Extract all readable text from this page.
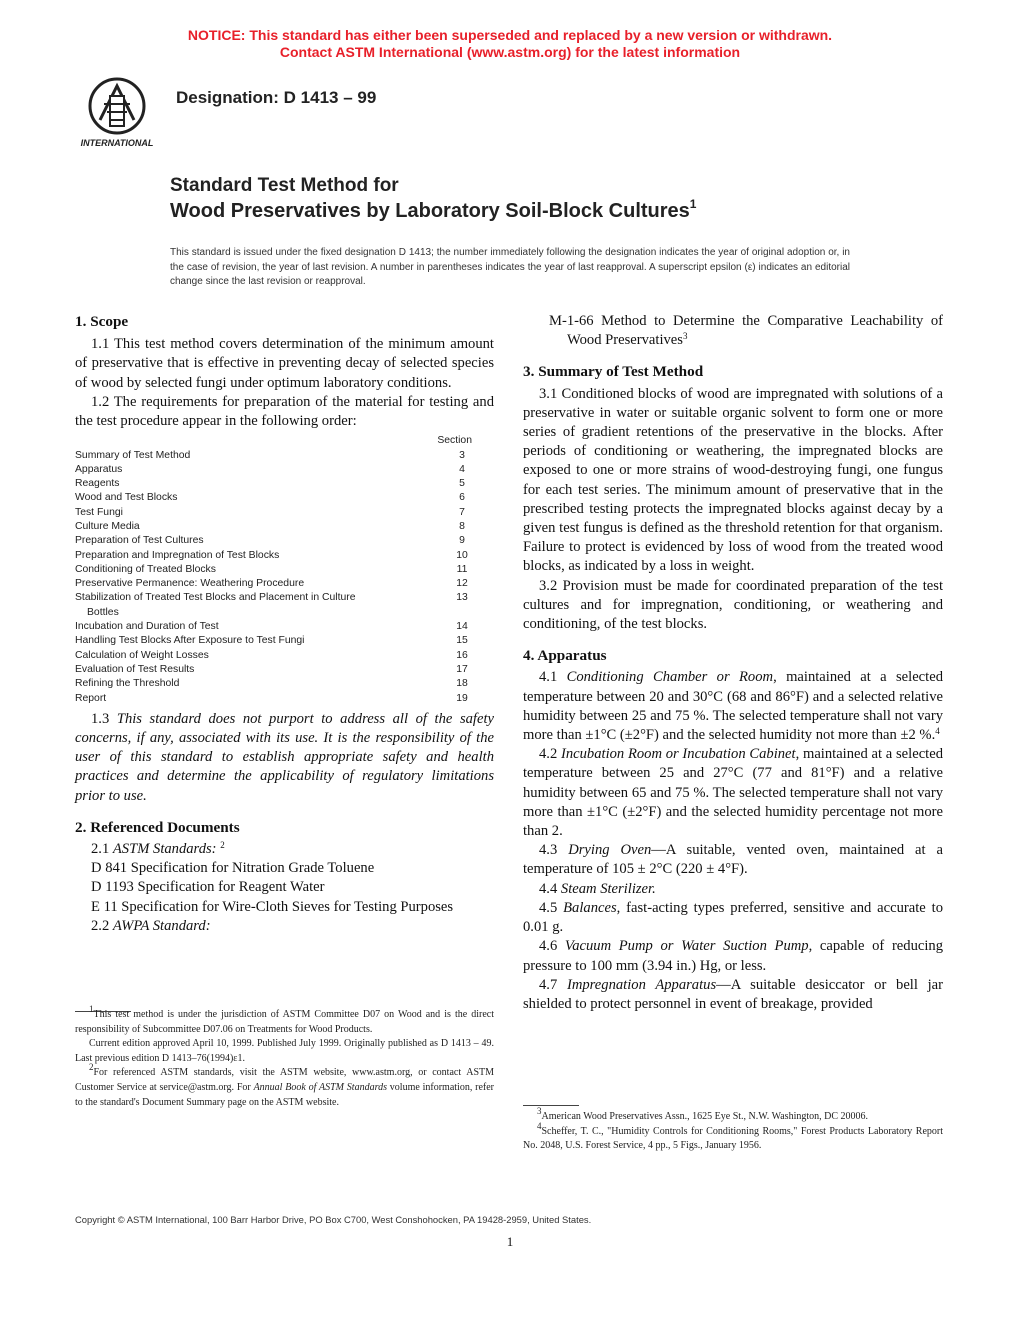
NOTICE: This standard has either been superseded and replaced by a new version or withdrawn.
Contact ASTM International (www.astm.org) for the latest information
INTERNATIONAL
Designation: D 1413 – 99
Standard Test Method for
Wood Preservatives by Laboratory Soil-Block Cultures$^1$
This standard is issued under the fixed designation D 1413; the number immediately following the designation indicates the year of original adoption or, in the case of revision, the year of last revision. A number in parentheses indicates the year of last reapproval. A superscript epsilon (ε) indicates an editorial change since the last revision or reapproval.

1. Scope

1.1 This test method covers determination of the minimum amount of preservative that is effective in preventing decay of selected species of wood by selected fungi under optimum laboratory conditions.

1.2 The requirements for preparation of the material for testing and the test procedure appear in the following order:

Section
Summary of Test Method	3
Apparatus	4
Reagents	5
Wood and Test Blocks	6
Test Fungi	7
Culture Media	8
Preparation of Test Cultures	9
Preparation and Impregnation of Test Blocks	10
Conditioning of Treated Blocks	11
Preservative Permanence: Weathering Procedure	12
Stabilization of Treated Test Blocks and Placement in Culture	13
Bottles
Incubation and Duration of Test	14
Handling Test Blocks After Exposure to Test Fungi	15
Calculation of Weight Losses	16
Evaluation of Test Results	17
Refining the Threshold	18
Report	19

1.3 This standard does not purport to address all of the safety concerns, if any, associated with its use. It is the responsibility of the user of this standard to establish appropriate safety and health practices and determine the applicability of regulatory limitations prior to use.

2. Referenced Documents

2.1 ASTM Standards: $^2$

D 841 Specification for Nitration Grade Toluene

D 1193 Specification for Reagent Water

E 11 Specification for Wire-Cloth Sieves for Testing Purposes

2.2 AWPA Standard:

$^1$This test method is under the jurisdiction of ASTM Committee D07 on Wood and is the direct responsibility of Subcommittee D07.06 on Treatments for Wood Products.

Current edition approved April 10, 1999. Published July 1999. Originally published as D 1413 – 49. Last previous edition D 1413–76(1994)ε1.

$^2$For referenced ASTM standards, visit the ASTM website, www.astm.org, or contact ASTM Customer Service at service@astm.org. For Annual Book of ASTM Standards volume information, refer to the standard's Document Summary page on the ASTM website.

M-1-66 Method to Determine the Comparative Leachability of Wood Preservatives$^3$

3. Summary of Test Method

3.1 Conditioned blocks of wood are impregnated with solutions of a preservative in water or suitable organic solvent to form one or more series of gradient retentions of the preservative in the blocks. After periods of conditioning or weathering, the impregnated blocks are exposed to one or more strains of wood-destroying fungi, one fungus for each test series. The minimum amount of preservative that in the prescribed testing protects the impregnated blocks against decay by a given test fungus is defined as the threshold retention for that organism. Failure to protect is evidenced by loss of wood from the treated wood blocks, as indicated by a loss in weight.

3.2 Provision must be made for coordinated preparation of the test cultures and for impregnation, conditioning, or weathering and conditioning, of the test blocks.

4. Apparatus

4.1 Conditioning Chamber or Room, maintained at a selected temperature between 20 and 30°C (68 and 86°F) and a selected relative humidity between 25 and 75 %. The selected temperature shall not vary more than ±1°C (±2°F) and the selected humidity not more than ±2 %.$^4$

4.2 Incubation Room or Incubation Cabinet, maintained at a selected temperature between 25 and 27°C (77 and 81°F) and a relative humidity between 65 and 75 %. The selected temperature shall not vary more than ±1°C (±2°F) and the selected humidity percentage not more than 2.

4.3 Drying Oven—A suitable, vented oven, maintained at a temperature of 105 ± 2°C (220 ± 4°F).

4.4 Steam Sterilizer.

4.5 Balances, fast-acting types preferred, sensitive and accurate to 0.01 g.

4.6 Vacuum Pump or Water Suction Pump, capable of reducing pressure to 100 mm (3.94 in.) Hg, or less.

4.7 Impregnation Apparatus—A suitable desiccator or bell jar shielded to protect personnel in event of breakage, provided

$^3$American Wood Preservatives Assn., 1625 Eye St., N.W. Washington, DC 20006.

$^4$Scheffer, T. C., "Humidity Controls for Conditioning Rooms," Forest Products Laboratory Report No. 2048, U.S. Forest Service, 4 pp., 5 Figs., January 1956.

Copyright © ASTM International, 100 Barr Harbor Drive, PO Box C700, West Conshohocken, PA 19428-2959, United States.
1
